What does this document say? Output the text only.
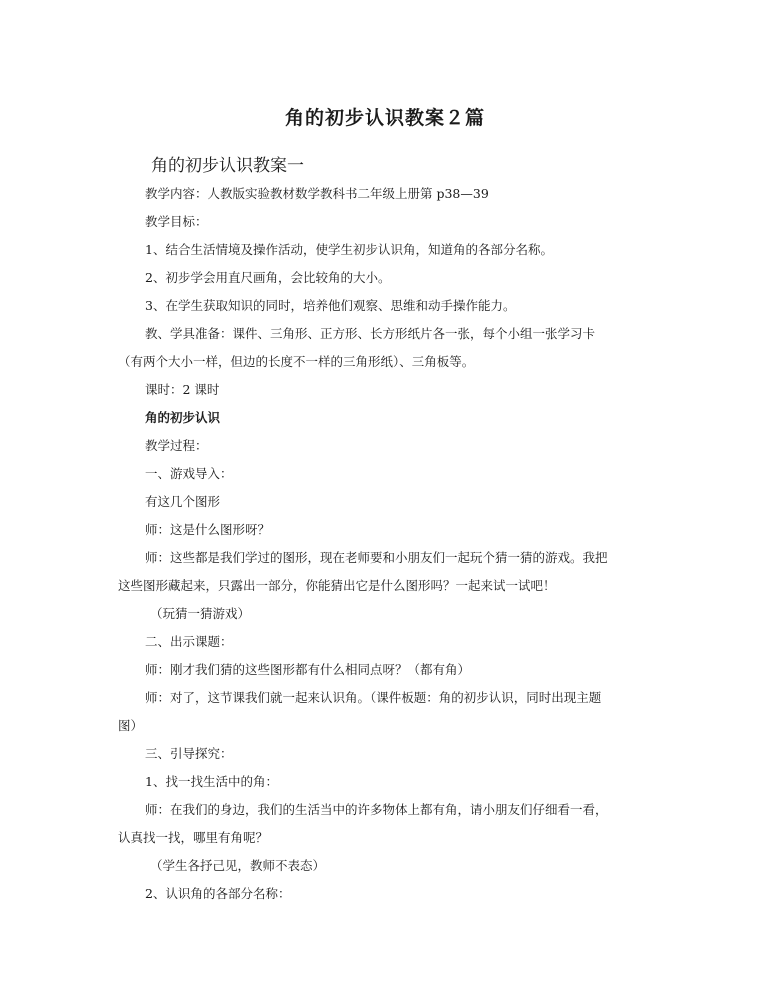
角的初步认识教案２篇
角的初步认识教案一
教学内容：人教版实验教材数学教科书二年级上册第 p38—39
教学目标：
1、结合生活情境及操作活动，使学生初步认识角，知道角的各部分名称。
2、初步学会用直尺画角，会比较角的大小。
3、在学生获取知识的同时，培养他们观察、思维和动手操作能力。
教、学具准备：课件、三角形、正方形、长方形纸片各一张，每个小组一张学习卡
（有两个大小一样，但边的长度不一样的三角形纸）、三角板等。
课时：2 课时
角的初步认识
教学过程：
一、游戏导入：
有这几个图形
师：这是什么图形呀？
师：这些都是我们学过的图形，现在老师要和小朋友们一起玩个猜一猜的游戏。我把
这些图形藏起来，只露出一部分，你能猜出它是什么图形吗？一起来试一试吧！
（玩猜一猜游戏）
二、出示课题：
师：刚才我们猜的这些图形都有什么相同点呀？（都有角）
师：对了，这节课我们就一起来认识角。（课件板题：角的初步认识，同时出现主题
图）
三、引导探究：
1、找一找生活中的角：
师：在我们的身边，我们的生活当中的许多物体上都有角，请小朋友们仔细看一看，
认真找一找，哪里有角呢？
（学生各抒己见，教师不表态）
2、认识角的各部分名称：
